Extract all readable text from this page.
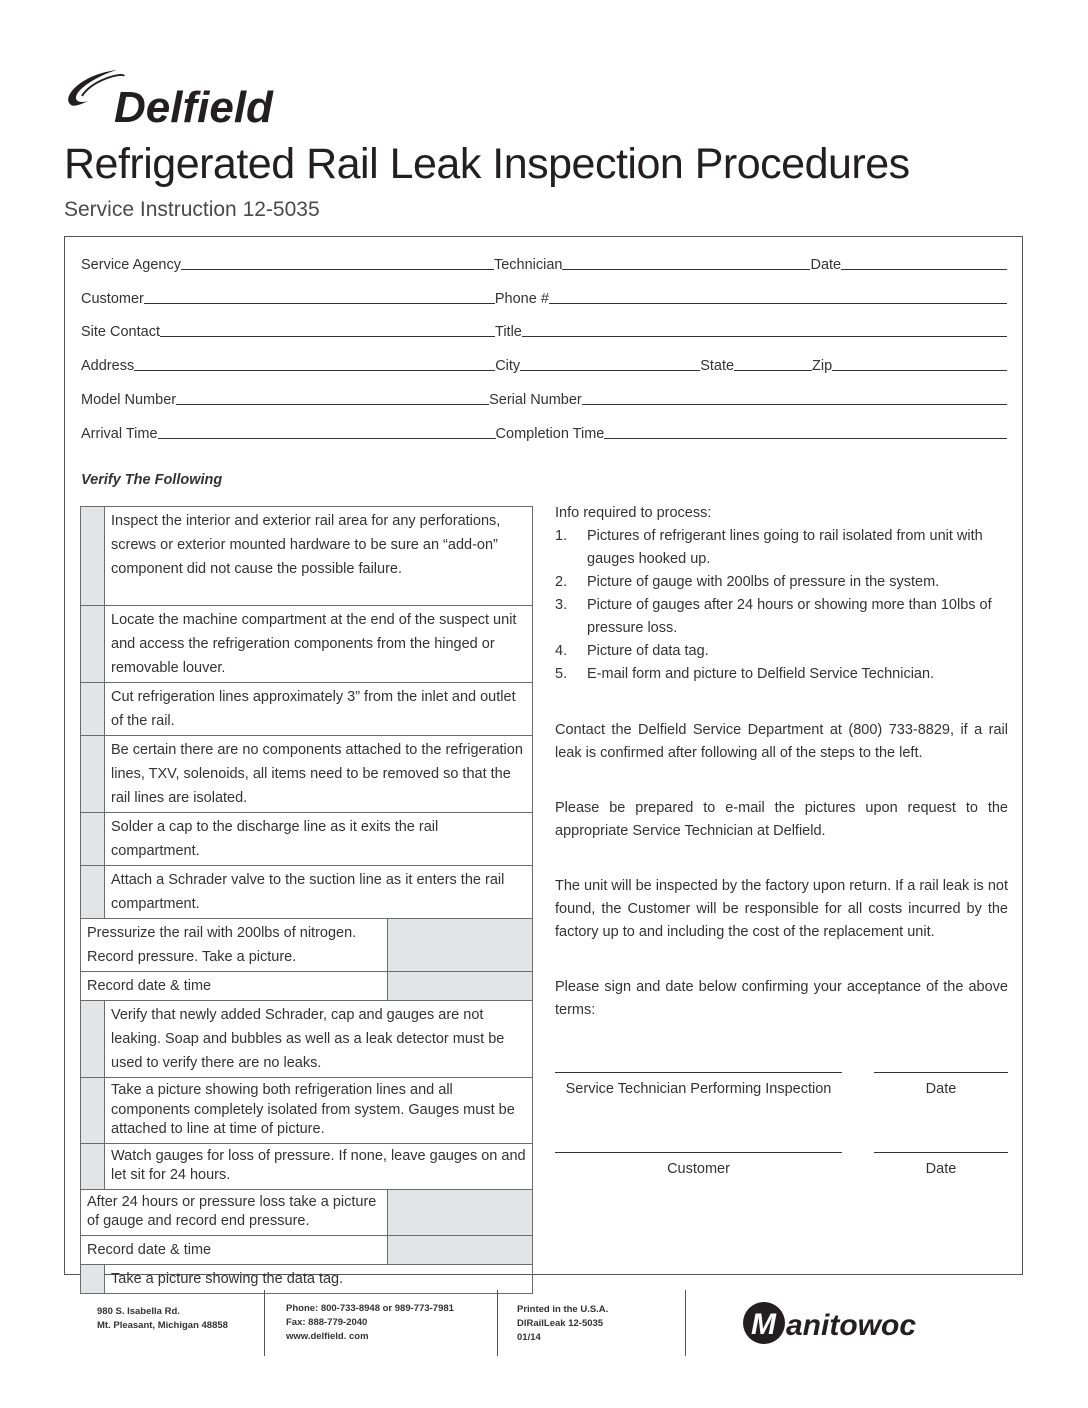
Delfield
Refrigerated Rail Leak Inspection Procedures
Service Instruction 12-5035
Service Agency	Technician	Date
Customer	Phone #
Site Contact	Title
Address	City	State	Zip
Model Number	Serial Number
Arrival Time	Completion Time
Verify The Following
	Inspect the interior and exterior rail area for any perforations, screws or exterior mounted hardware to be sure an “add-on” component did not cause the possible failure.	
	Locate the machine compartment at the end of the suspect unit and access the refrigeration components from the hinged or removable louver.	
	Cut refrigeration lines approximately 3” from the inlet and outlet of the rail.	
	Be certain there are no components attached to the refrigeration lines, TXV, solenoids, all items need to be removed so that the rail lines are isolated.	
	Solder a cap to the discharge line as it exits the rail compartment.	
	Attach a Schrader valve to the suction line as it enters the rail compartment.	
Pressurize the rail with 200lbs of nitrogen. Record pressure. Take a picture.		
Record date & time		
	Verify that newly added Schrader, cap and gauges are not leaking. Soap and bubbles as well as a leak detector must be used to verify there are no leaks.	
	Take a picture showing both refrigeration lines and all components completely isolated from system. Gauges must be attached to line at time of picture.	
	Watch gauges for loss of pressure. If none, leave gauges on and let sit for 24 hours.	
After 24 hours or pressure loss take a picture of gauge and record end pressure.		
Record date & time		
	Take a picture showing the data tag.	
Info required to process:
1.	Pictures of refrigerant lines going to rail isolated from unit with gauges hooked up.
2.	Picture of gauge with 200lbs of pressure in the system.
3.	Picture of gauges after 24 hours or showing more than 10lbs of pressure loss.
4.	Picture of data tag.
5.	E-mail form and picture to Delfield Service Technician.
Contact the Delfield Service Department at (800) 733-8829, if a rail leak is confirmed after following all of the steps to the left.
Please be prepared to e-mail the pictures upon request to the appropriate Service Technician at Delfield.
The unit will be inspected by the factory upon return. If a rail leak is not found, the Customer will be responsible for all costs incurred by the factory up to and including the cost of the replacement unit.
Please sign and date below confirming your acceptance of the above terms:
Service Technician Performing Inspection	Date
Customer	Date
980 S. Isabella Rd.
Mt. Pleasant, Michigan 48858
Phone: 800-733-8948 or 989-773-7981
Fax: 888-779-2040
www.delfield. com
Printed in the U.S.A.
DlRailLeak 12-5035
01/14	M anitowoc
